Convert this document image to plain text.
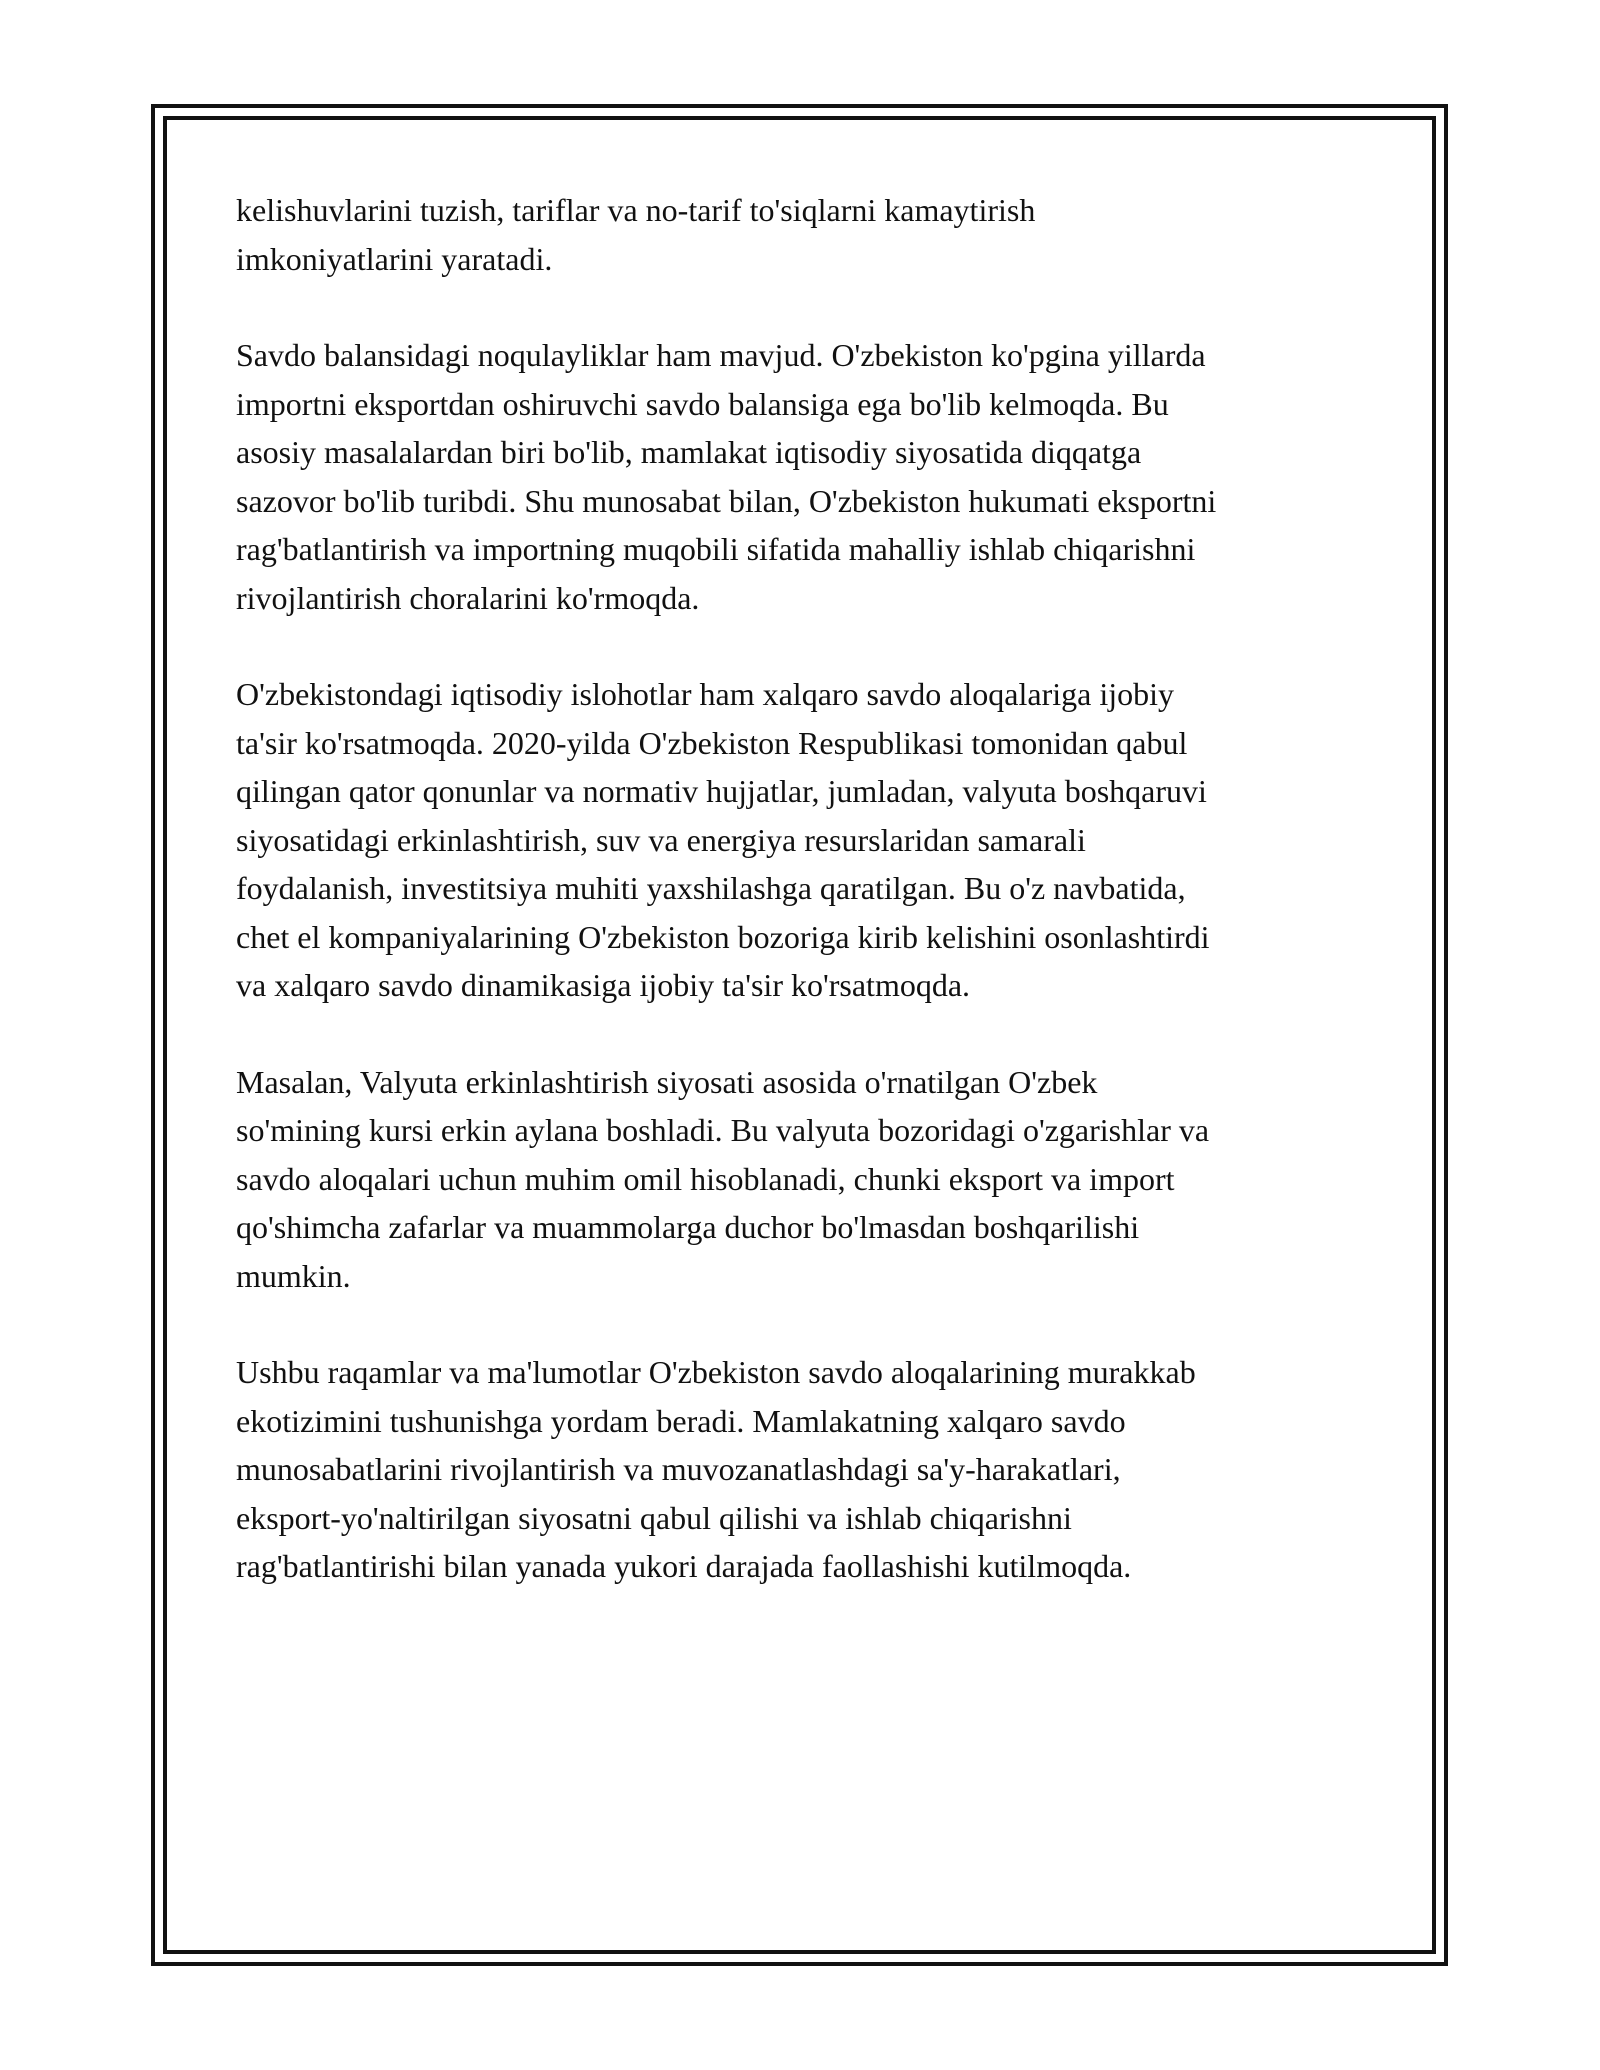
kelishuvlarini tuzish, tariflar va no-tarif to'siqlarni kamaytirish
imkoniyatlarini yaratadi.

Savdo balansidagi noqulayliklar ham mavjud. O'zbekiston ko'pgina yillarda
importni eksportdan oshiruvchi savdo balansiga ega bo'lib kelmoqda. Bu
asosiy masalalardan biri bo'lib, mamlakat iqtisodiy siyosatida diqqatga
sazovor bo'lib turibdi. Shu munosabat bilan, O'zbekiston hukumati eksportni
rag'batlantirish va importning muqobili sifatida mahalliy ishlab chiqarishni
rivojlantirish choralarini ko'rmoqda.

O'zbekistondagi iqtisodiy islohotlar ham xalqaro savdo aloqalariga ijobiy
ta'sir ko'rsatmoqda. 2020-yilda O'zbekiston Respublikasi tomonidan qabul
qilingan qator qonunlar va normativ hujjatlar, jumladan, valyuta boshqaruvi
siyosatidagi erkinlashtirish, suv va energiya resurslaridan samarali
foydalanish, investitsiya muhiti yaxshilashga qaratilgan. Bu o'z navbatida,
chet el kompaniyalarining O'zbekiston bozoriga kirib kelishini osonlashtirdi
va xalqaro savdo dinamikasiga ijobiy ta'sir ko'rsatmoqda.

Masalan, Valyuta erkinlashtirish siyosati asosida o'rnatilgan O'zbek
so'mining kursi erkin aylana boshladi. Bu valyuta bozoridagi o'zgarishlar va
savdo aloqalari uchun muhim omil hisoblanadi, chunki eksport va import
qo'shimcha zafarlar va muammolarga duchor bo'lmasdan boshqarilishi
mumkin.

Ushbu raqamlar va ma'lumotlar O'zbekiston savdo aloqalarining murakkab
ekotizimini tushunishga yordam beradi. Mamlakatning xalqaro savdo
munosabatlarini rivojlantirish va muvozanatlashdagi sa'y-harakatlari,
eksport-yo'naltirilgan siyosatni qabul qilishi va ishlab chiqarishni
rag'batlantirishi bilan yanada yukori darajada faollashishi kutilmoqda.
